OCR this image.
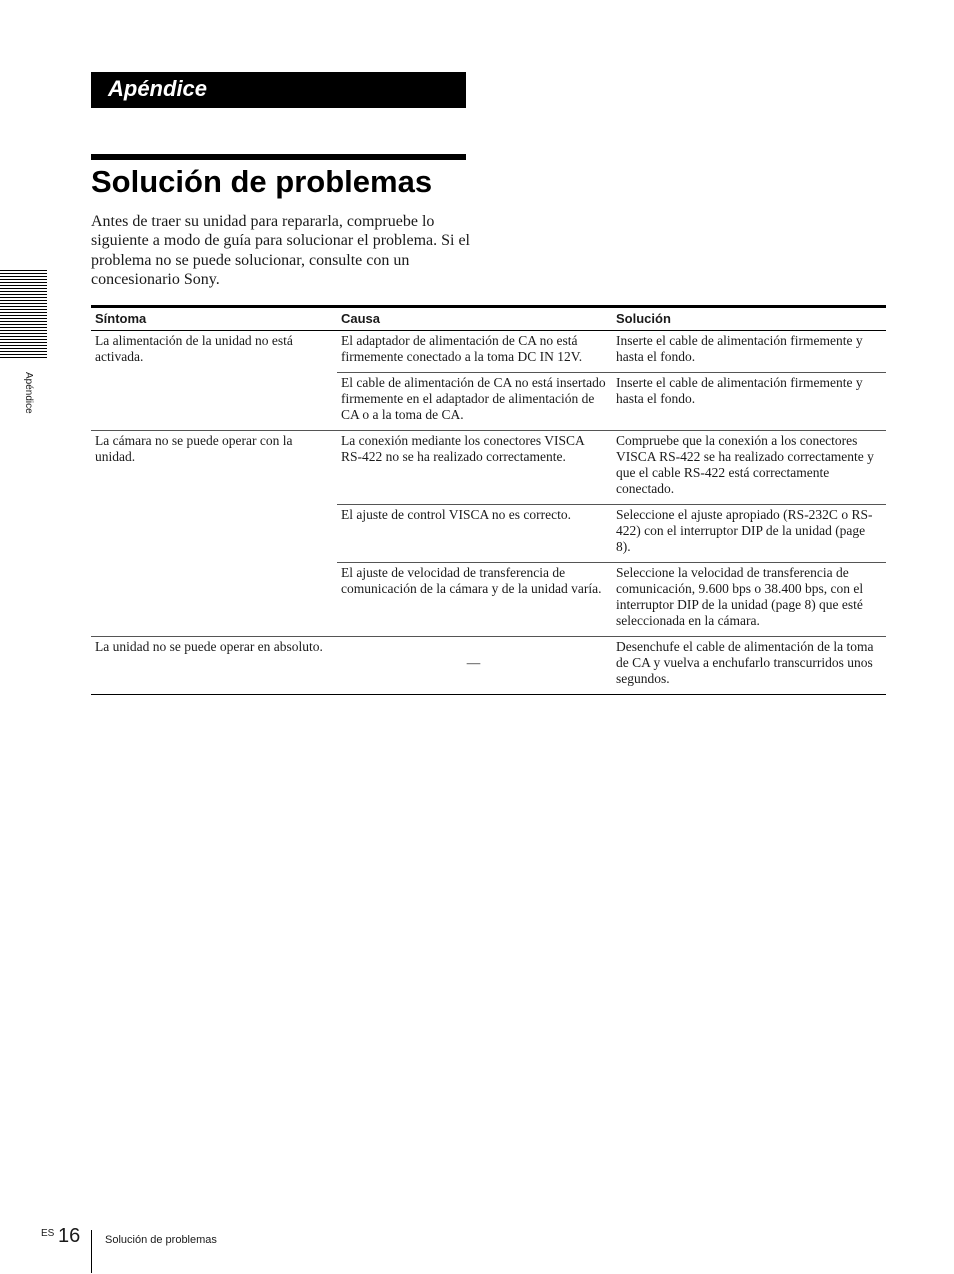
Apéndice
Solución de problemas

Antes de traer su unidad para repararla, compruebe lo siguiente a modo de guía para solucionar el problema. Si el problema no se puede solucionar, consulte con un concesionario Sony.

Apéndice
Síntoma	Causa	Solución
La alimentación de la unidad no está activada.	El adaptador de alimentación de CA no está firmemente conectado a la toma DC IN 12V.	Inserte el cable de alimentación firmemente y hasta el fondo.
	El cable de alimentación de CA no está insertado firmemente en el adaptador de alimentación de CA o a la toma de CA.	Inserte el cable de alimentación firmemente y hasta el fondo.
La cámara no se puede operar con la unidad.	La conexión mediante los conectores VISCA RS-422 no se ha realizado correctamente.	Compruebe que la conexión a los conectores VISCA RS-422 se ha realizado correctamente y que el cable RS-422 está correctamente conectado.
	El ajuste de control VISCA no es correcto.	Seleccione el ajuste apropiado (RS-232C o RS-422) con el interruptor DIP de la unidad (page 8).
	El ajuste de velocidad de transferencia de comunicación de la cámara y de la unidad varía.	Seleccione la velocidad de transferencia de comunicación, 9.600 bps o 38.400 bps, con el interruptor DIP de la unidad (page 8) que esté seleccionada en la cámara.
La unidad no se puede operar en absoluto.	—	Desenchufe el cable de alimentación de la toma de CA y vuelva a enchufarlo transcurridos unos segundos.
ES 16 Solución de problemas
